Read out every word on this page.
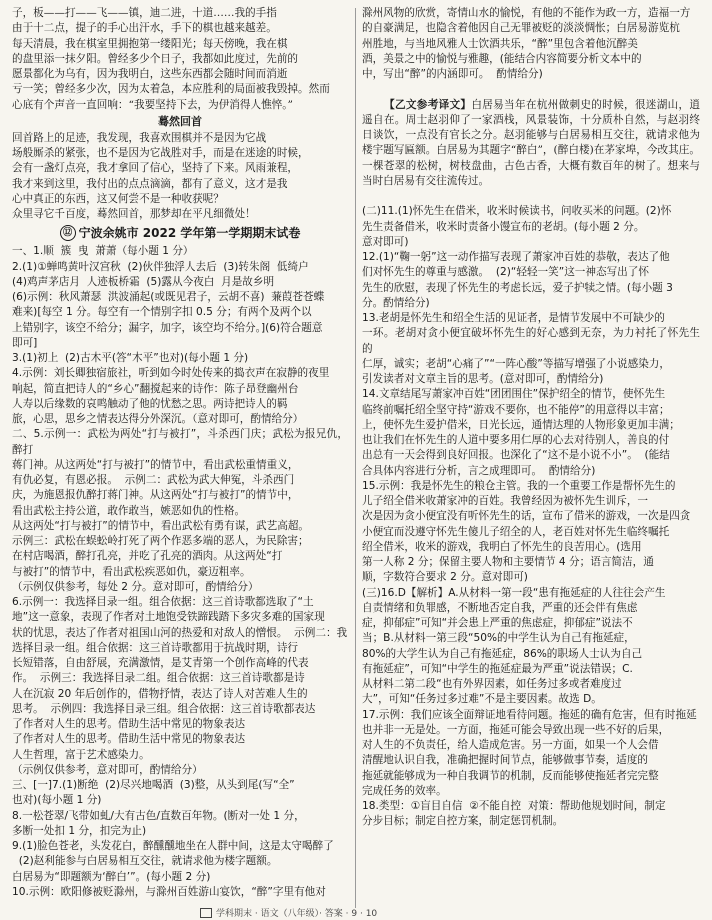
子，板——打——飞——镇，迪二进，十道……我的手指

由于十二点，提子的手心出汗水，手下的棋也越来越差。

每天清晨，我在棋室里拥抱第一缕阳光；每天傍晚，我在棋

的盘里添一抹夕阳。曾经多少个日子，我都如此度过，先前的

愿景都化为乌有，因为我明白，这些东西都会随时间而消逝

亏一笑；曾经多少次，因为太着急，本应胜利的局面被我毁掉。然而

心底有个声音一直回响：“我要坚持下去，为伊消得人憔悴。”

蓦然回首

回首路上的足迹，我发现，我喜欢围棋并不是因为它战

场般厮杀的紧张，也不是因为它战胜对手，而是在迷途的时候，

会有一盏灯点亮，我才拿回了信心，坚持了下来。风雨兼程，

我才来到这里，我付出的点点滴滴，都有了意义，这才是我

心中真正的东西，这又何尝不是一种收获呢？

众里寻它千百度，蓦然回首，那梦却在平凡细微处！

⑫ 宁波余姚市 2022 学年第一学期期末试卷

一、1.顺  簇  曳  萧萧（每小题 1 分）

2.(1)①蝉鸣黄叶汉宫秋  (2)伙伴独浮人去后  (3)转朱阁  低绮户

(4)鸡声茅店月  人迹板桥霜  (5)露从今夜白  月是故乡明

(6)示例：秋风萧瑟  洪波涌起(或既见君子，云胡不喜)  蒹葭苍苍蝶

难来)[每空 1 分。每空有一个情别字扣 0.5 分；有两个及两个以

上错别字，该空不给分；漏字，加字，该空均不给分。](6)符合题意

即可]

3.(1)初上  (2)古木平(答“木平”也对)(每小题 1 分)

4.示例：刘长卿独宿旅社，听到如今时处传来的捣衣声在寂静的夜里

响起，简直把诗人的“乡心”翻搅起来的诗作：陈子昂登幽州台

人寿以后缘数的哀鸣触动了他的忧愁之思。两诗把诗人的羁

旅，心思，思乡之情表达得分外深沉。（意对即可，酌情给分）

二、5.示例一：武松为两处“打与被打”，斗杀西门庆；武松为报兄仇，醉打

蒋门神。从这两处“打与被打”的情节中，看出武松重情重义，

有仇必复，有恩必报。  示例二：武松为武大伸冤，斗杀西门

庆，为施恩报仇醉打蒋门神。从这两处“打与被打”的情节中，

看出武松主持公道，敢作敢当，嫉恶如仇的性格。

从这两处“打与被打”的情节中，看出武松有勇有谋，武艺高超。

示例三：武松在蜈蚣岭打死了两个作恶多端的恶人，为民除害；

在村店喝酒，醉打孔亮，并吃了孔亮的酒肉。从这两处“打

与被打”的情节中，看出武松疾恶如仇，豪迈粗率。

（示例仅供参考，每处 2 分。意对即可，酌情给分）

6.示例一：我选择目录一组。组合依据：这三首诗歌都选取了“土

地”这一意象，表现了作者对土地饱受铁蹄践踏下多灾多难的国家现

状的忧思，表达了作者对祖国山河的热爱和对敌人的憎恨。  示例二：我

选择目录一组。组合依据：这三首诗歌都用于抗战时期，诗行

长短错落，自由舒展，充满激情，是艾青第一个创作高峰的代表

作。  示例三：我选择目录二组。组合依据：这三首诗歌都是诗

人在沉寂 20 年后创作的，借物抒情，表达了诗人对苦难人生的

思考。  示例四：我选择目录三组。组合依据：这三首诗歌都表达

了作者对人生的思考。借助生活中常见的物象表达

了作者对人生的思考。借助生活中常见的物象表达

人生哲理，富于艺术感染力。

（示例仅供参考，意对即可，酌情给分）

三、[一]7.(1)断绝  (2)尽兴地喝酒  (3)整，从头到尾(写“全”

也对)(每小题 1 分)

8.一松苍翠/飞带如虬/大有古色/直数百年物。(断对一处 1 分，

多断一处扣 1 分，扣完为止)

9.(1)脸色苍老，头发花白，醉醺醺地坐在人群中间，这是太守喝醉了

(2)赵利能参与白居易相互交往，就请求他为楼字题额。

白居易为“即题额为‘醉白’”。(每小题 2 分)

10.示例：欧阳修被贬滁州，与滁州百姓游山宴饮，“醉”字里有他对

滁州风物的欣赏，寄情山水的愉悦，有他的不能作为政一方，造福一方

的自豪满足，也隐含着他因自己无罪被贬的淡淡惆怅；白居易游览杭

州胜地，与当地风雅人士饮酒共乐，“醉”里包含着他沉醉美

酒，美景之中的愉悦与雅趣，(能结合内容简要分析文本中的

中，写出“醉”的内涵即可。  酌情给分)

【乙文参考译文】白居易当年在杭州做刺史的时候，很迷湖山，逍遥自在。周士赵羽仰了一家酒栈，风景装饰，十分质朴自然，与赵羽终日谈饮，一点没有官长之分。赵羽能够与白居易相互交往，就请求他为楼宇题写匾额。白居易为其题字“醉白”，(醉白楼)在茅家埠，今改其庄。一棵苍翠的松树，树枝盘曲，古色古香，大概有数百年的树了。想来与当时白居易有交往流传过。

(二)11.(1)怀先生在借米，收米时候读书，问收买米的问题。(2)怀

先生责备借米，收米时责备小馒宣布的老胡。(每小题 2 分。

意对即可)

12.(1)“鞠一躬”这一动作描写表现了萧家冲百姓的恭敬，表达了他

们对怀先生的尊重与感激。  (2)“轻轻一笑”这一神态写出了怀

先生的欣慰，表现了怀先生的考虑长远，爱子护犊之情。(每小题 3

分。酌情给分)

13.老胡是怀先生和绍全生活的见证者，是情节发展中不可缺少的

一环。老胡对贪小便宜破坏怀先生的好心感到无奈，为力衬托了怀先生的

仁厚，诚实；老胡“心痛了”“一阵心酸”等描写增强了小说感染力，

引发读者对文章主旨的思考。(意对即可，酌情给分)

14.文章结尾写萧家冲百姓“团团围住”保护绍全的情节，使怀先生

临终前嘱托绍全坚守持“游戏不要你，也不能停”的用意得以丰富；

上，使怀先生爱护借米，日光长远，通情达理的人物形象更加丰满；

也让我们在怀先生的人道中要多用仁厚的心去对待别人，善良的付

出总有一天会得到良好回报。也深化了“这不是小说不小”。  (能结

合具体内容进行分析，言之成理即可。  酌情给分)

15.示例：我是怀先生的粮仓主管。我的一个重要工作是帮怀先生的

儿子绍全借米收萧家冲的百姓。我曾经因为被怀先生训斥，一

次是因为贪小便宜没有听怀先生的话，宣布了借米的游戏，一次是四贪

小便宜而没遵守怀先生傻儿子绍全的人，老百姓对怀先生临终嘱托

绍全借米，收米的游戏，我明白了怀先生的良苦用心。(选用

第一人称 2 分；保留主要人物和主要情节 4 分；语言简洁，通

顺，字数符合要求 2 分。意对即可)

(三)16.D【解析】A.从材料一第一段“患有拖延症的人往往会产生

自责情绪和负罪感，不断地否定自我，严重的还会伴有焦虑

症，抑郁症”可知“并会患上严重的焦虑症，抑郁症”说法不

当；B.从材料一第三段“50%的中学生认为自己有拖延症，

80%的大学生认为自己有拖延症，86%的职场人士认为自己

有拖延症”，可知“中学生的拖延症最为严重”说法错误；C.

从材料二第二段“也有外界因素，如任务过多或者难度过

大”，可知“任务过多过难”不是主要因素。故选 D。

17.示例：我们应该全面辩证地看待问题。拖延的确有危害，但有时拖延

也并非一无是处。一方面，拖延可能会导致出现一些不好的后果，

对人生的不负责任，给人造成危害。另一方面，如果一个人会借

清醒地认识自我，准确把握时间节点，能够做事节奏，适度的

拖延就能够成为一种自我调节的机制，反而能够使拖延者完完整

完成任务的效率。

18.类型：①盲目自信  ②不能自控  对策：帮助他规划时间，制定

分步目标；制定自控方案，制定惩罚机制。

学科期末 · 语文（八年级）· 答案 · 9 · 10
